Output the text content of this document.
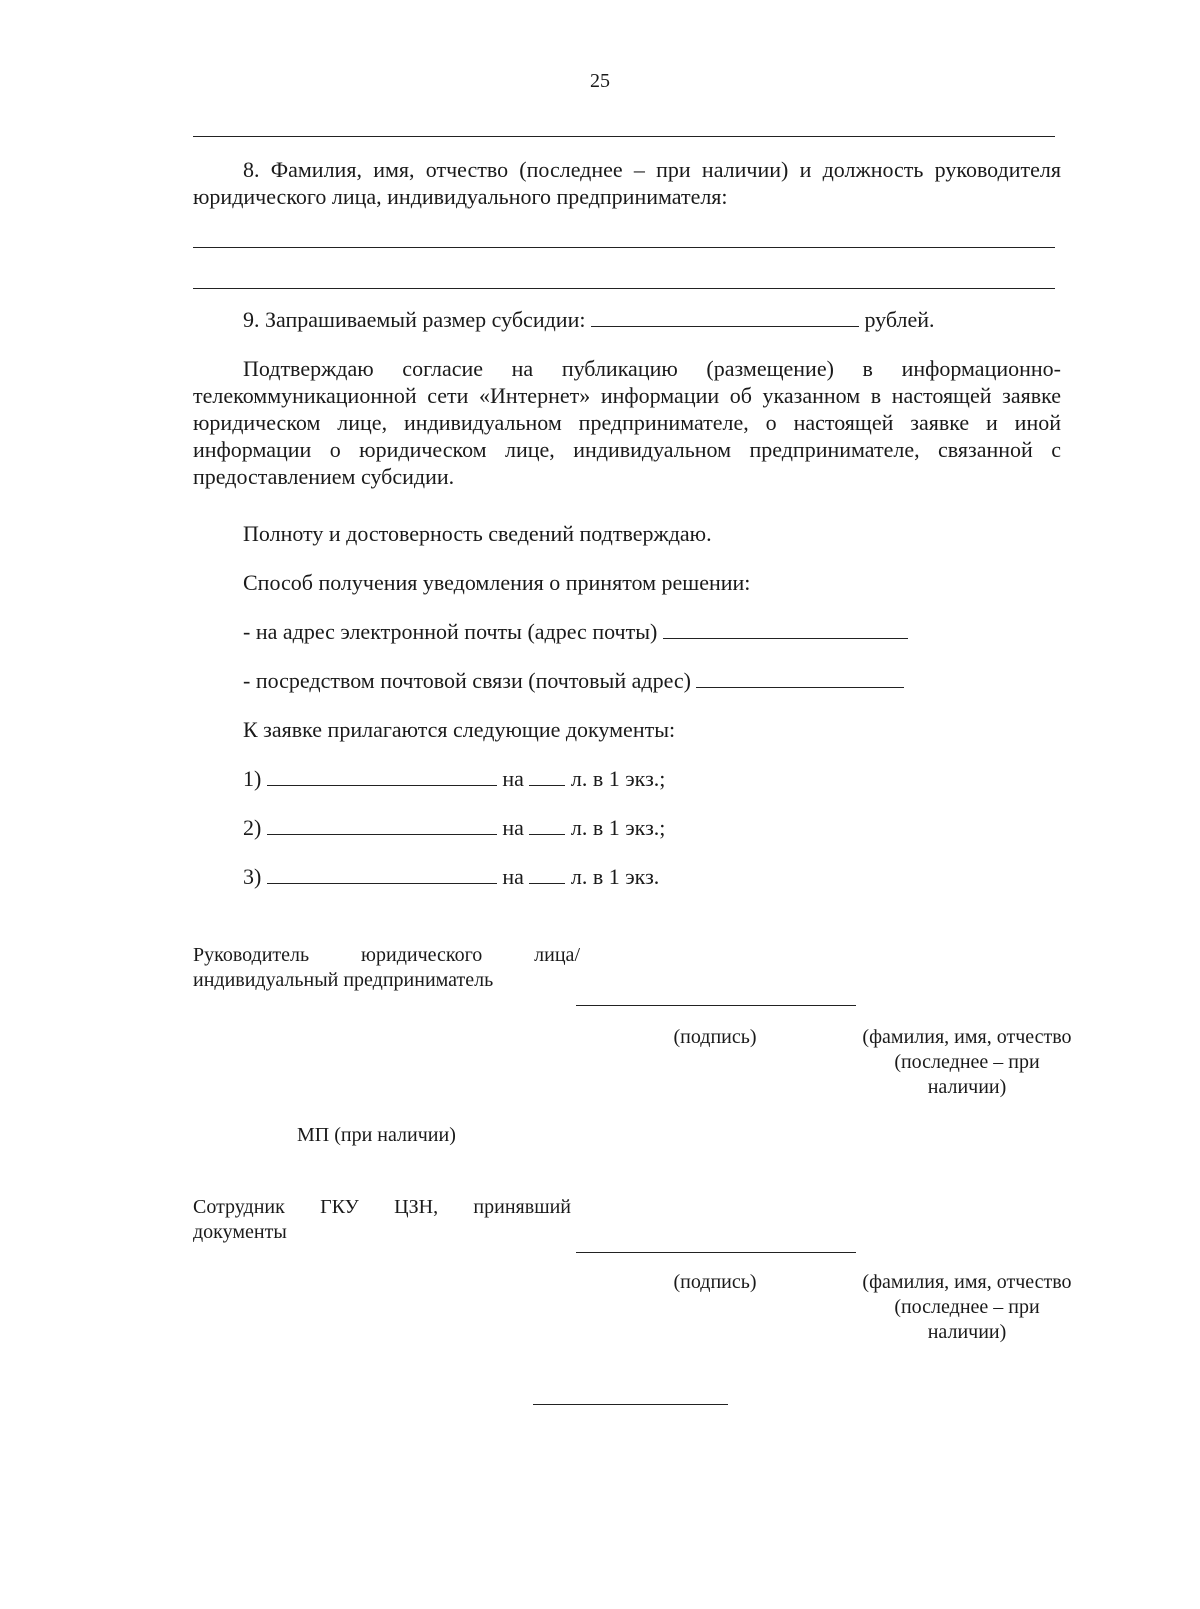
25
8. Фамилия, имя, отчество (последнее – при наличии) и должность руководителя юридического лица, индивидуального предпринимателя:
9. Запрашиваемый размер субсидии:	рублей.
Подтверждаю согласие на публикацию (размещение) в информационно-телекоммуникационной сети «Интернет» информации об указанном в настоящей заявке юридическом лице, индивидуальном предпринимателе, о настоящей заявке и иной информации о юридическом лице, индивидуальном предпринимателе, связанной с предоставлением субсидии.
Полноту и достоверность сведений подтверждаю.
Способ получения уведомления о принятом решении:
- на адрес электронной почты (адрес почты)
- посредством почтовой связи (почтовый адрес)
К заявке прилагаются следующие документы:
1)	на л. в 1 экз.;
2)	на л. в 1 экз.;
3)	на л. в 1 экз.
Руководитель юридического лица/ индивидуальный предприниматель
(подпись)	(фамилия, имя, отчество (последнее – при наличии)
МП (при наличии)
Сотрудник ГКУ ЦЗН, принявший документы
(подпись)	(фамилия, имя, отчество (последнее – при наличии)
